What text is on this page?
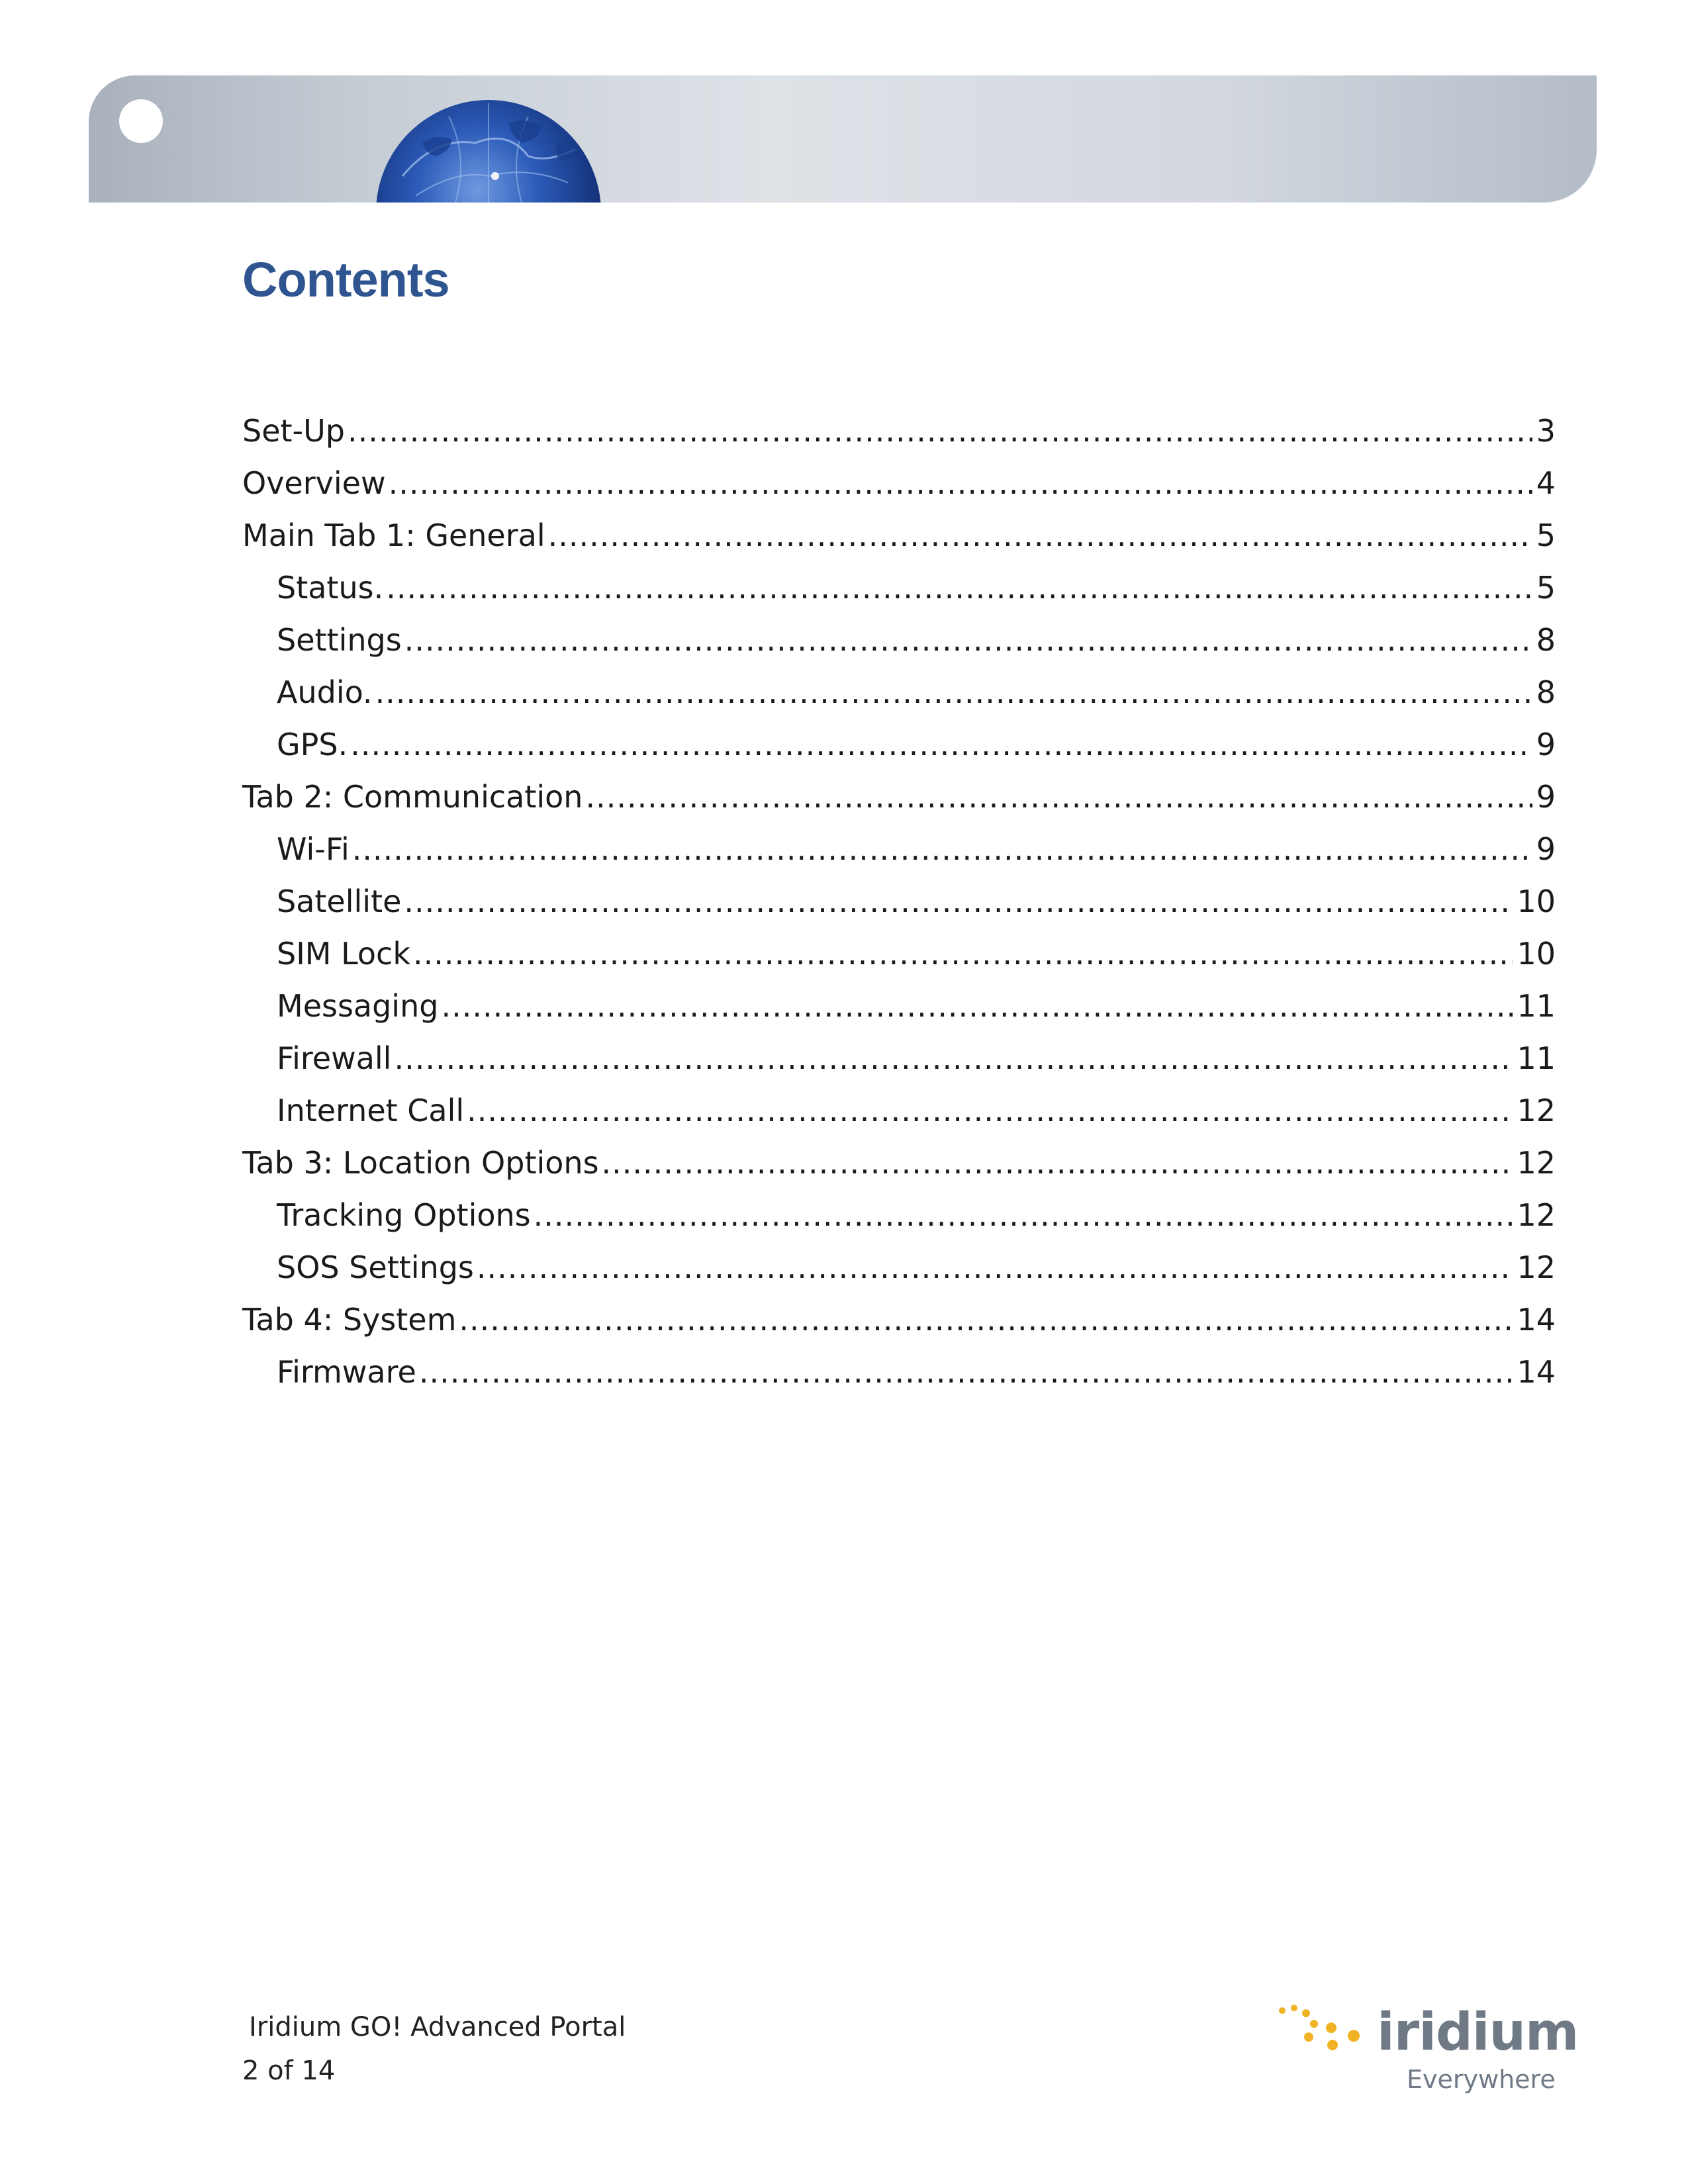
Contents
Set-Up .....	3
Overview .....	4
Main Tab 1: General .....	5
Status. .....	5
Settings .....	8
Audio. .....	8
GPS. .....	9
Tab 2: Communication .....	9
Wi-Fi .....	9
Satellite .....	10
SIM Lock .....	10
Messaging .....	11
Firewall .....	11
Internet Call .....	12
Tab 3: Location Options .....	12
Tracking Options .....	12
SOS Settings .....	12
Tab 4: System .....	14
Firmware .....	14
Iridium GO! Advanced Portal
2 of 14
iridium
Everywhere
